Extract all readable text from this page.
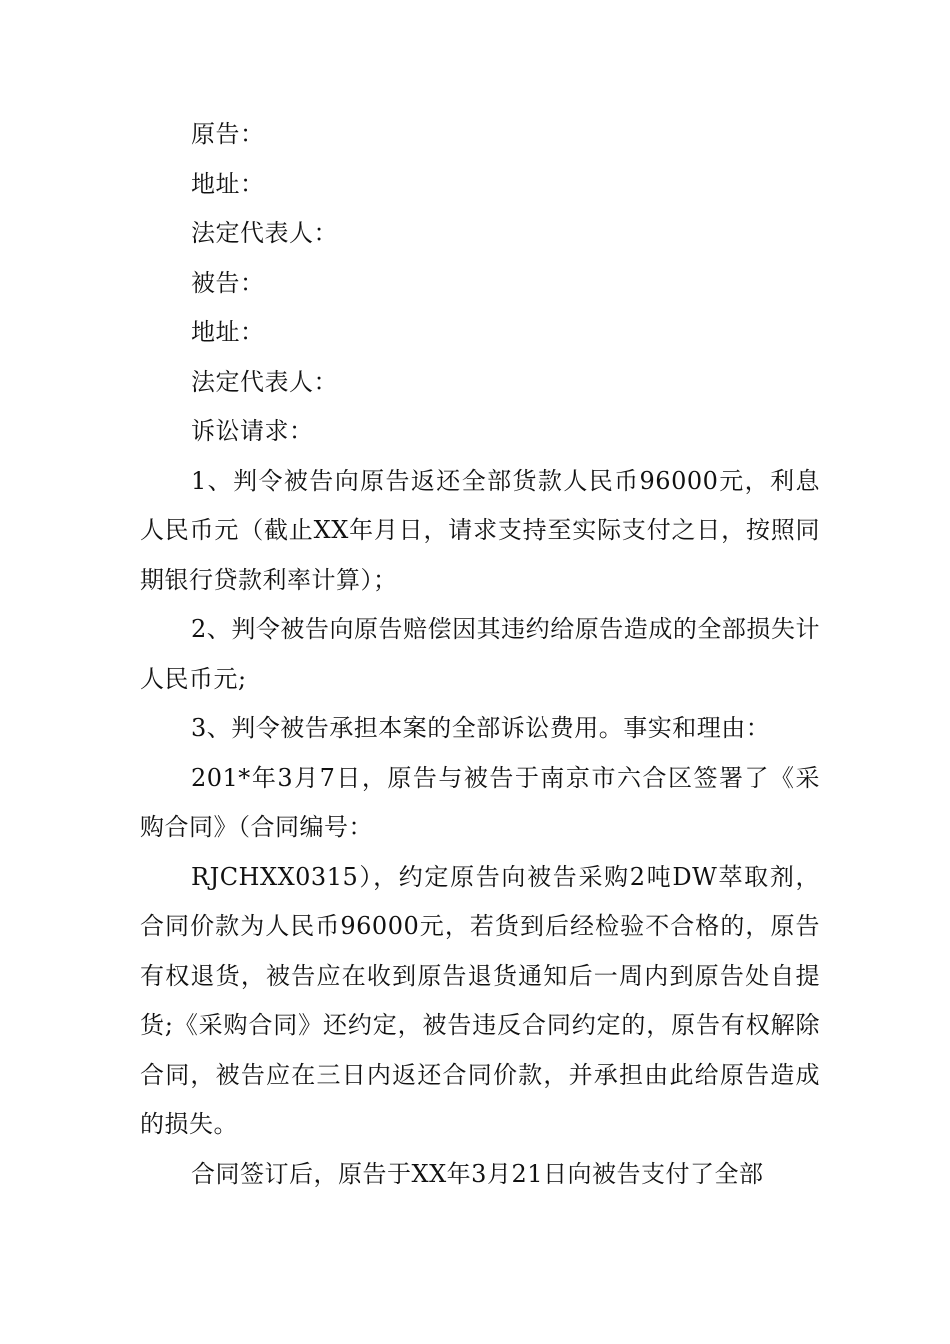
原告：

地址：

法定代表人：

被告：

地址：

法定代表人：

诉讼请求：

1、判令被告向原告返还全部货款人民币96000元，利息人民币元（截止XX年月日，请求支持至实际支付之日，按照同期银行贷款利率计算）；

2、判令被告向原告赔偿因其违约给原告造成的全部损失计人民币元;

3、判令被告承担本案的全部诉讼费用。事实和理由：

201*年3月7日，原告与被告于南京市六合区签署了《采购合同》（合同编号：

RJCHXX0315），约定原告向被告采购2吨DW萃取剂，合同价款为人民币96000元，若货到后经检验不合格的，原告有权退货，被告应在收到原告退货通知后一周内到原告处自提货;《采购合同》还约定，被告违反合同约定的，原告有权解除合同，被告应在三日内返还合同价款，并承担由此给原告造成的损失。

合同签订后，原告于XX年3月21日向被告支付了全部
